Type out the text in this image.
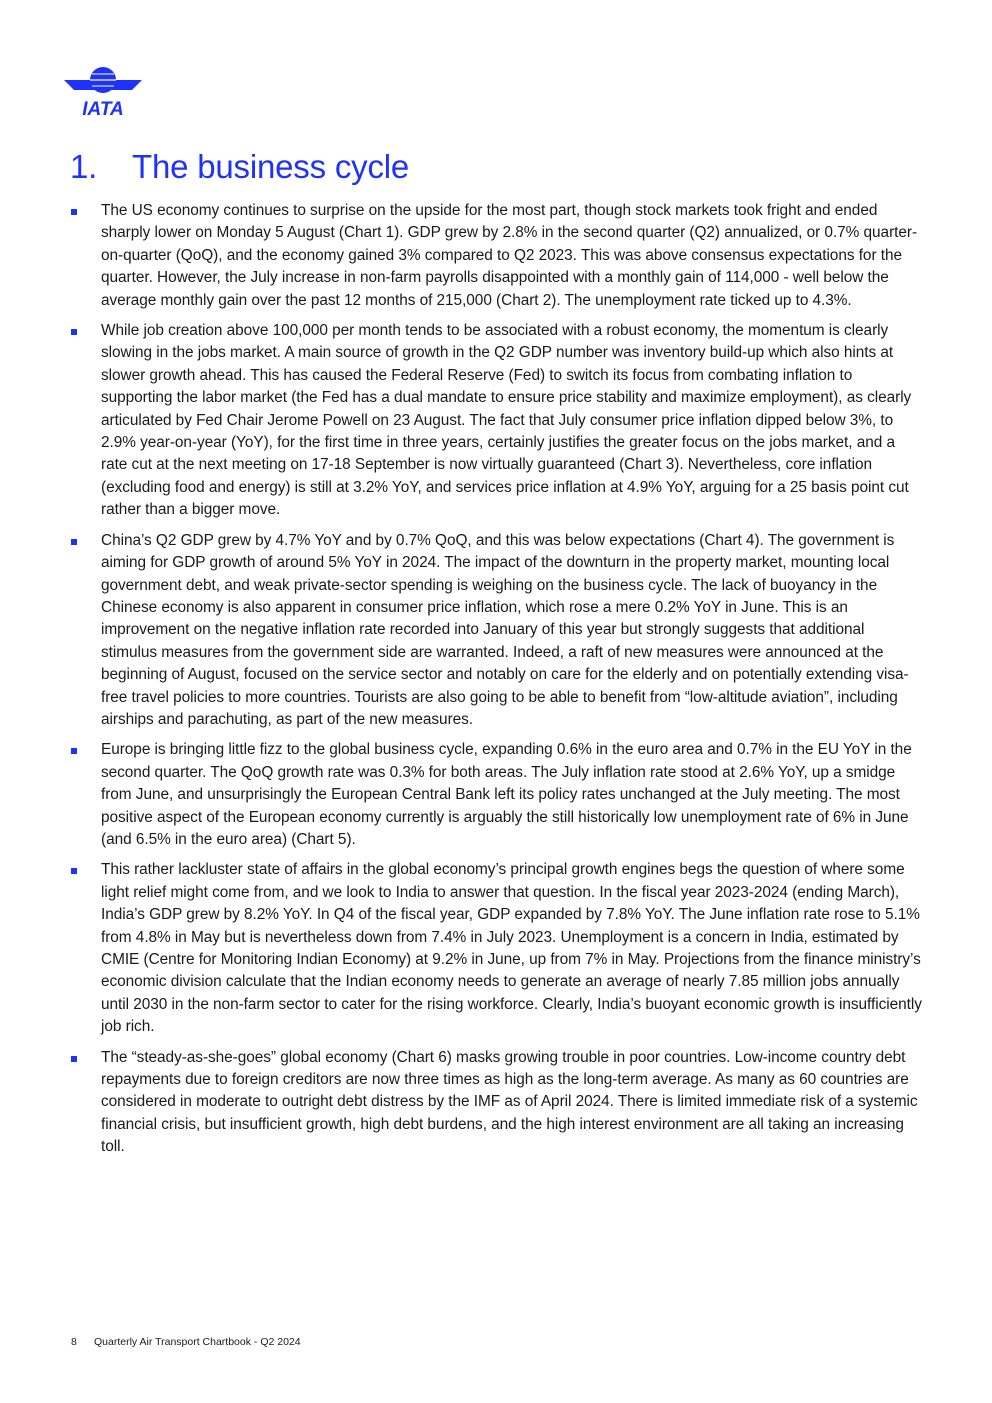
IATA
1. The business cycle
The US economy continues to surprise on the upside for the most part, though stock markets took fright and ended sharply lower on Monday 5 August (Chart 1). GDP grew by 2.8% in the second quarter (Q2) annualized, or 0.7% quarter-on-quarter (QoQ), and the economy gained 3% compared to Q2 2023. This was above consensus expectations for the quarter. However, the July increase in non-farm payrolls disappointed with a monthly gain of 114,000 - well below the average monthly gain over the past 12 months of 215,000 (Chart 2). The unemployment rate ticked up to 4.3%.
While job creation above 100,000 per month tends to be associated with a robust economy, the momentum is clearly slowing in the jobs market. A main source of growth in the Q2 GDP number was inventory build-up which also hints at slower growth ahead. This has caused the Federal Reserve (Fed) to switch its focus from combating inflation to supporting the labor market (the Fed has a dual mandate to ensure price stability and maximize employment), as clearly articulated by Fed Chair Jerome Powell on 23 August. The fact that July consumer price inflation dipped below 3%, to 2.9% year-on-year (YoY), for the first time in three years, certainly justifies the greater focus on the jobs market, and a rate cut at the next meeting on 17-18 September is now virtually guaranteed (Chart 3). Nevertheless, core inflation (excluding food and energy) is still at 3.2% YoY, and services price inflation at 4.9% YoY, arguing for a 25 basis point cut rather than a bigger move.
China’s Q2 GDP grew by 4.7% YoY and by 0.7% QoQ, and this was below expectations (Chart 4). The government is aiming for GDP growth of around 5% YoY in 2024. The impact of the downturn in the property market, mounting local government debt, and weak private-sector spending is weighing on the business cycle. The lack of buoyancy in the Chinese economy is also apparent in consumer price inflation, which rose a mere 0.2% YoY in June. This is an improvement on the negative inflation rate recorded into January of this year but strongly suggests that additional stimulus measures from the government side are warranted. Indeed, a raft of new measures were announced at the beginning of August, focused on the service sector and notably on care for the elderly and on potentially extending visa-free travel policies to more countries. Tourists are also going to be able to benefit from “low-altitude aviation”, including airships and parachuting, as part of the new measures.
Europe is bringing little fizz to the global business cycle, expanding 0.6% in the euro area and 0.7% in the EU YoY in the second quarter. The QoQ growth rate was 0.3% for both areas. The July inflation rate stood at 2.6% YoY, up a smidge from June, and unsurprisingly the European Central Bank left its policy rates unchanged at the July meeting. The most positive aspect of the European economy currently is arguably the still historically low unemployment rate of 6% in June (and 6.5% in the euro area) (Chart 5).
This rather lackluster state of affairs in the global economy’s principal growth engines begs the question of where some light relief might come from, and we look to India to answer that question. In the fiscal year 2023-2024 (ending March), India’s GDP grew by 8.2% YoY. In Q4 of the fiscal year, GDP expanded by 7.8% YoY. The June inflation rate rose to 5.1% from 4.8% in May but is nevertheless down from 7.4% in July 2023. Unemployment is a concern in India, estimated by CMIE (Centre for Monitoring Indian Economy) at 9.2% in June, up from 7% in May. Projections from the finance ministry’s economic division calculate that the Indian economy needs to generate an average of nearly 7.85 million jobs annually until 2030 in the non-farm sector to cater for the rising workforce. Clearly, India’s buoyant economic growth is insufficiently job rich.
The “steady-as-she-goes” global economy (Chart 6) masks growing trouble in poor countries. Low-income country debt repayments due to foreign creditors are now three times as high as the long-term average. As many as 60 countries are considered in moderate to outright debt distress by the IMF as of April 2024. There is limited immediate risk of a systemic financial crisis, but insufficient growth, high debt burdens, and the high interest environment are all taking an increasing toll.
8 Quarterly Air Transport Chartbook - Q2 2024
